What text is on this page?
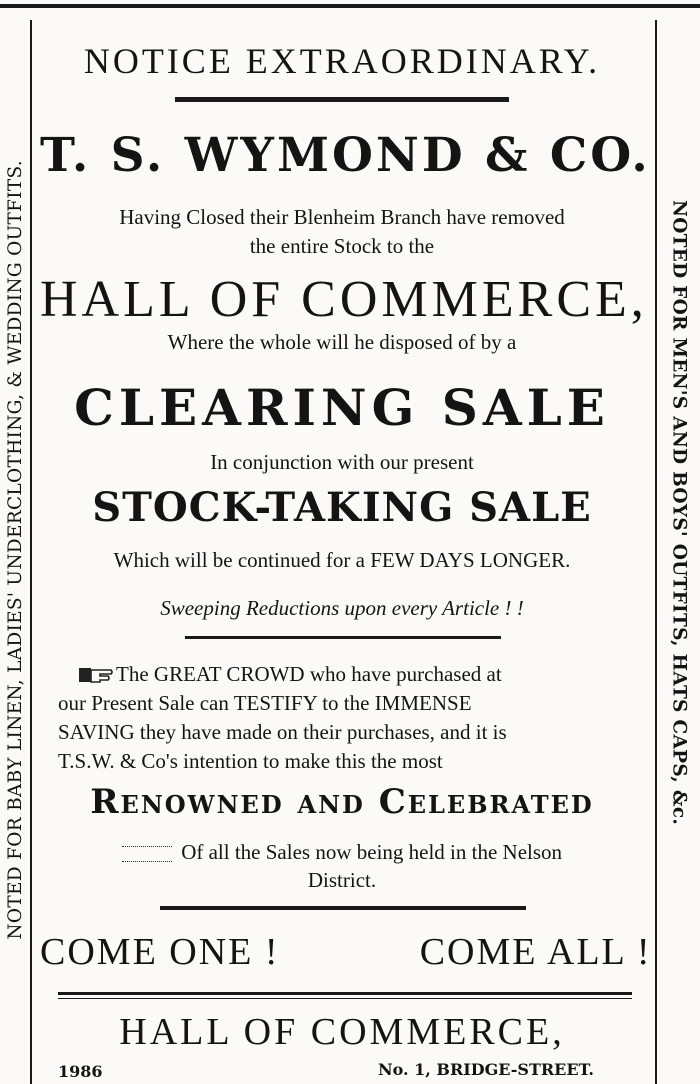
NOTED FOR BABY LINEN, LADIES' UNDERCLOTHING, & WEDDING OUTFITS.	NOTED FOR MEN'S AND BOYS' OUTFITS, HATS CAPS, &c.
NOTICE EXTRAORDINARY.
T. S. WYMOND & CO.
Having Closed their Blenheim Branch have removed
the entire Stock to the
HALL OF COMMERCE,
Where the whole will he disposed of by a
CLEARING SALE
In conjunction with our present
STOCK-TAKING SALE
Which will be continued for a FEW DAYS LONGER.
Sweeping Reductions upon every Article ! !
The GREAT CROWD who have purchased at
our Present Sale can TESTIFY to the IMMENSE
SAVING they have made on their purchases, and it is
T.S.W. & Co's intention to make this the most
Renowned and Celebrated
Of all the Sales now being held in the Nelson
District.
COME ONE !	COME ALL !
HALL OF COMMERCE,
1986	No. 1, BRIDGE-STREET.
